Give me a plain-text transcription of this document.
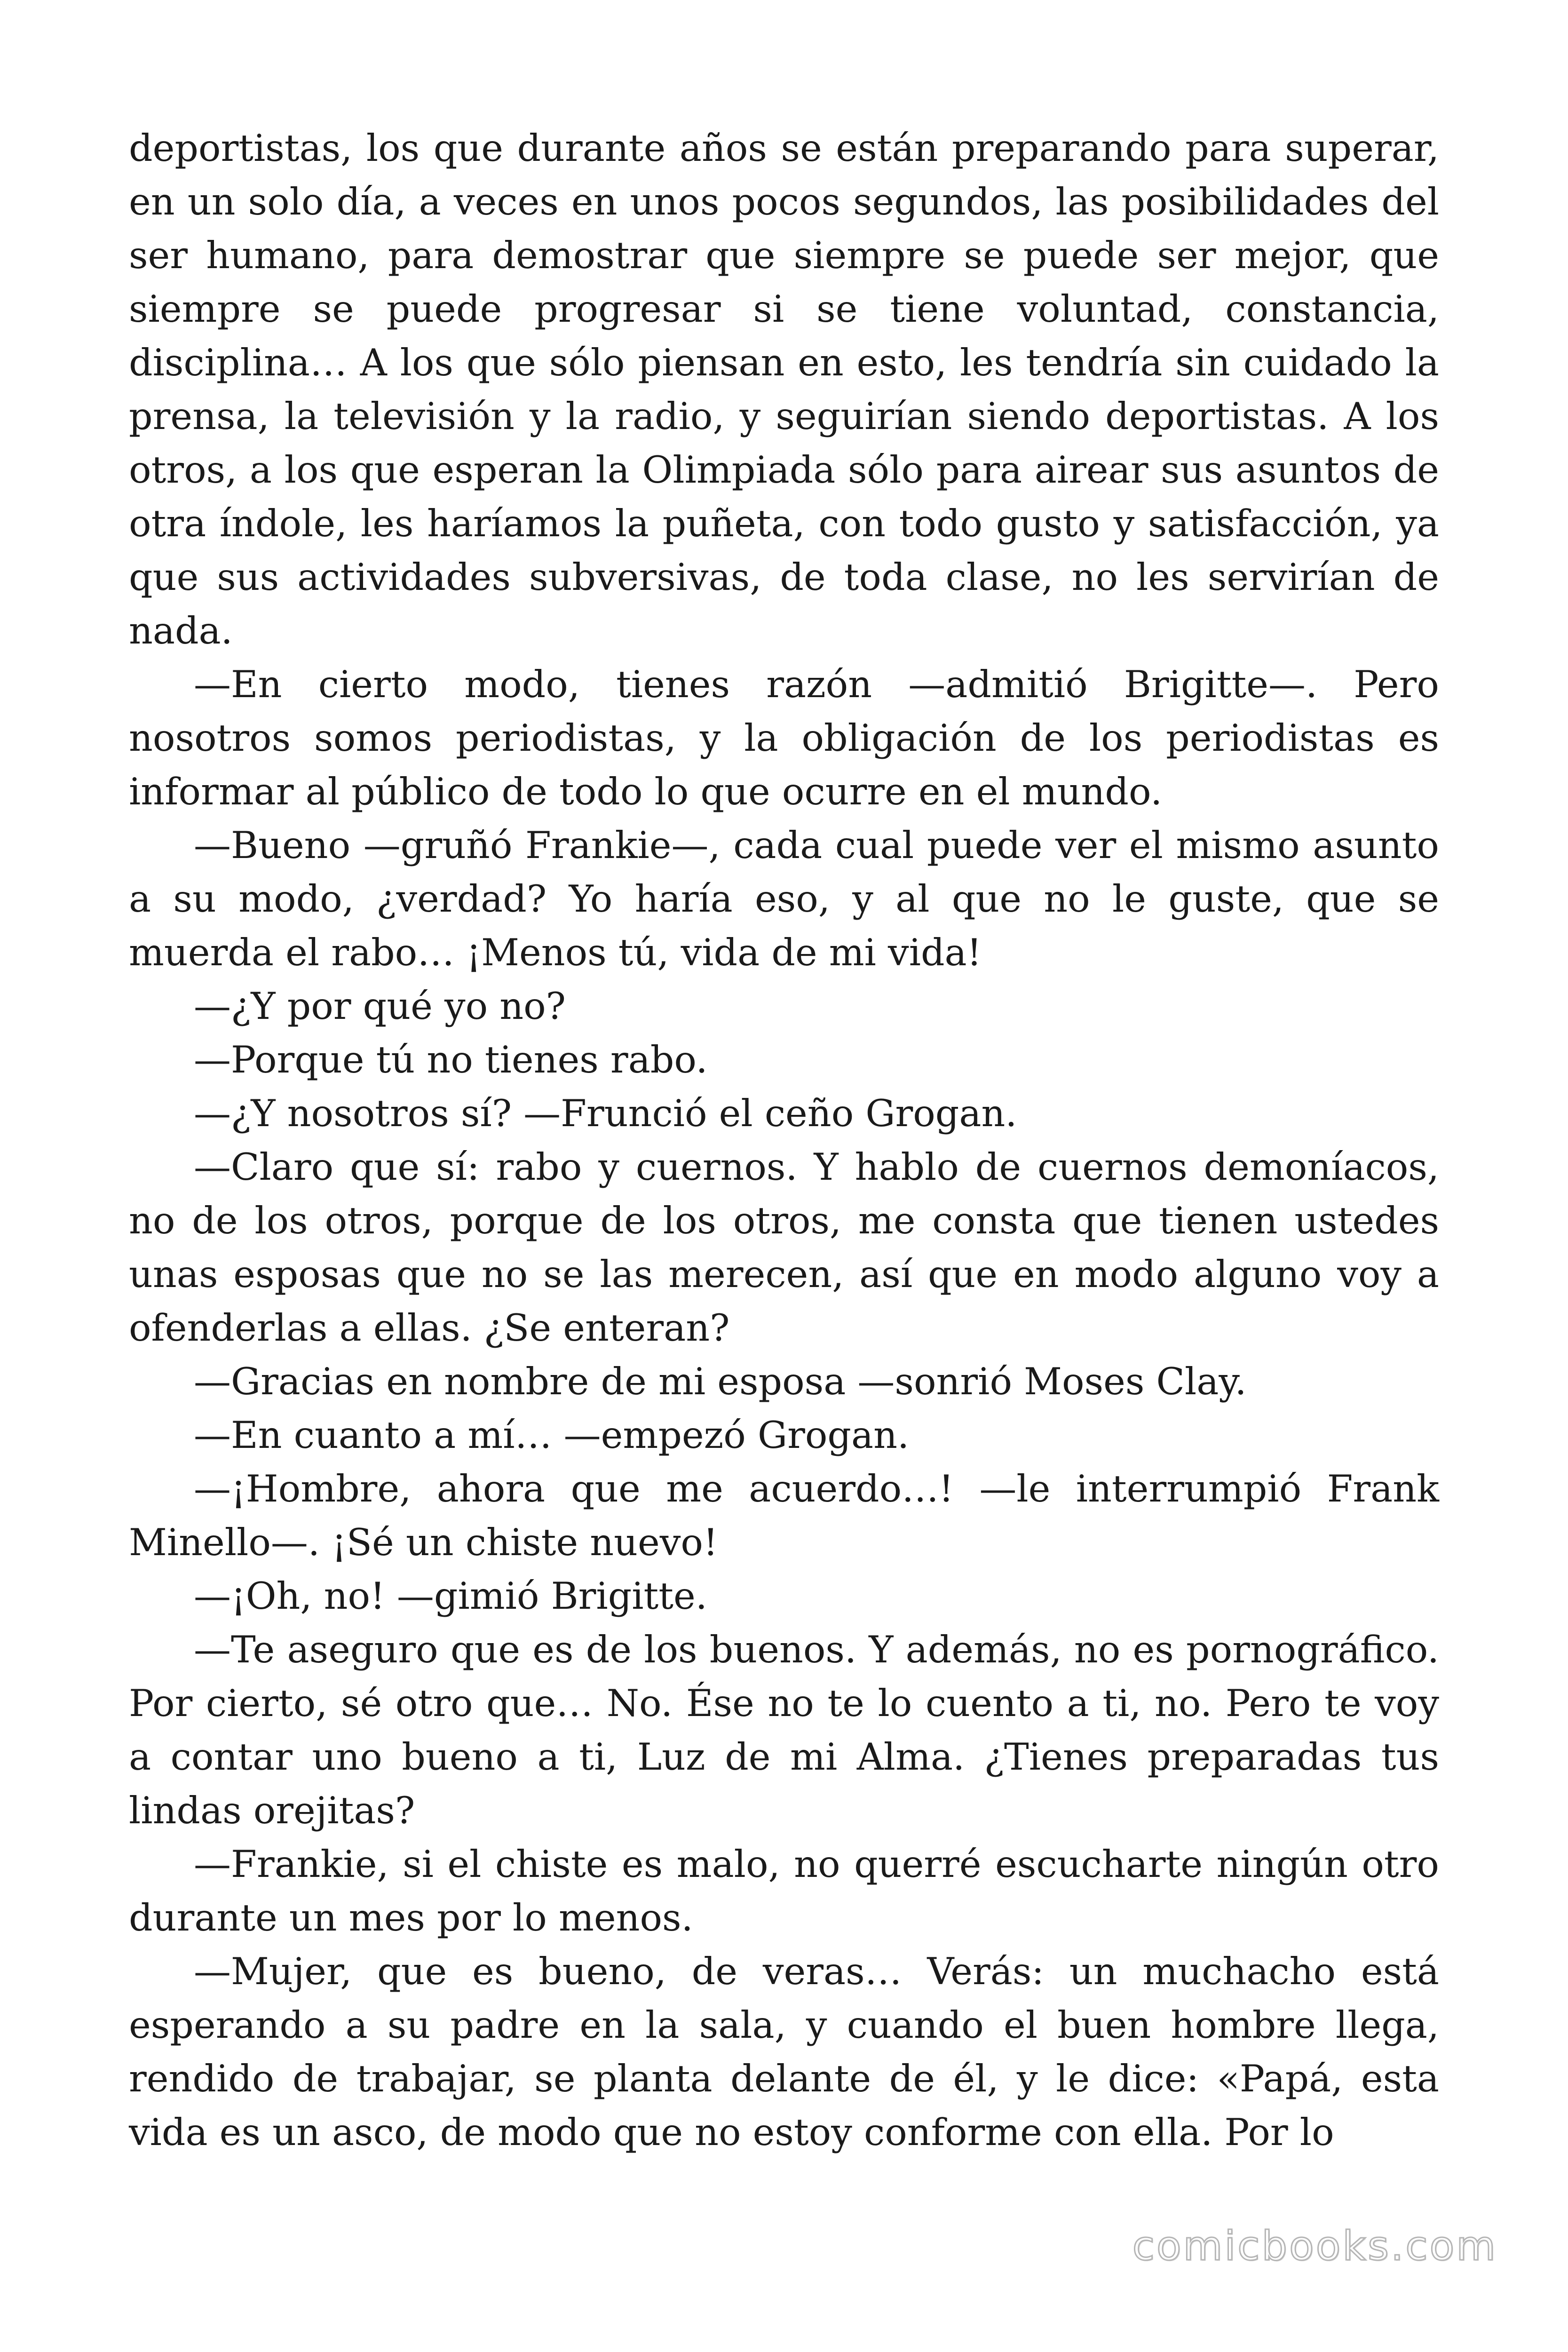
deportistas, los que durante años se están preparando para superar, en un solo día, a veces en unos pocos segundos, las posibilidades del ser humano, para demostrar que siempre se puede ser mejor, que siempre se puede progresar si se tiene voluntad, constancia, disciplina… A los que sólo piensan en esto, les tendría sin cuidado la prensa, la televisión y la radio, y seguirían siendo deportistas. A los otros, a los que esperan la Olimpiada sólo para airear sus asuntos de otra índole, les haríamos la puñeta, con todo gusto y satisfacción, ya que sus actividades subversivas, de toda clase, no les servirían de nada.

—En cierto modo, tienes razón —admitió Brigitte—. Pero nosotros somos periodistas, y la obligación de los periodistas es informar al público de todo lo que ocurre en el mundo.

—Bueno —gruñó Frankie—, cada cual puede ver el mismo asunto a su modo, ¿verdad? Yo haría eso, y al que no le guste, que se muerda el rabo… ¡Menos tú, vida de mi vida!

—¿Y por qué yo no?

—Porque tú no tienes rabo.

—¿Y nosotros sí? —Frunció el ceño Grogan.

—Claro que sí: rabo y cuernos. Y hablo de cuernos demoníacos, no de los otros, porque de los otros, me consta que tienen ustedes unas esposas que no se las merecen, así que en modo alguno voy a ofenderlas a ellas. ¿Se enteran?

—Gracias en nombre de mi esposa —sonrió Moses Clay.

—En cuanto a mí… —empezó Grogan.

—¡Hombre, ahora que me acuerdo…! —le interrumpió Frank Minello—. ¡Sé un chiste nuevo!

—¡Oh, no! —gimió Brigitte.

—Te aseguro que es de los buenos. Y además, no es pornográfico. Por cierto, sé otro que… No. Ése no te lo cuento a ti, no. Pero te voy a contar uno bueno a ti, Luz de mi Alma. ¿Tienes preparadas tus lindas orejitas?

—Frankie, si el chiste es malo, no querré escucharte ningún otro durante un mes por lo menos.

—Mujer, que es bueno, de veras… Verás: un muchacho está esperando a su padre en la sala, y cuando el buen hombre llega, rendido de trabajar, se planta delante de él, y le dice: «Papá, esta vida es un asco, de modo que no estoy conforme con ella. Por lo

comicbooks.com
